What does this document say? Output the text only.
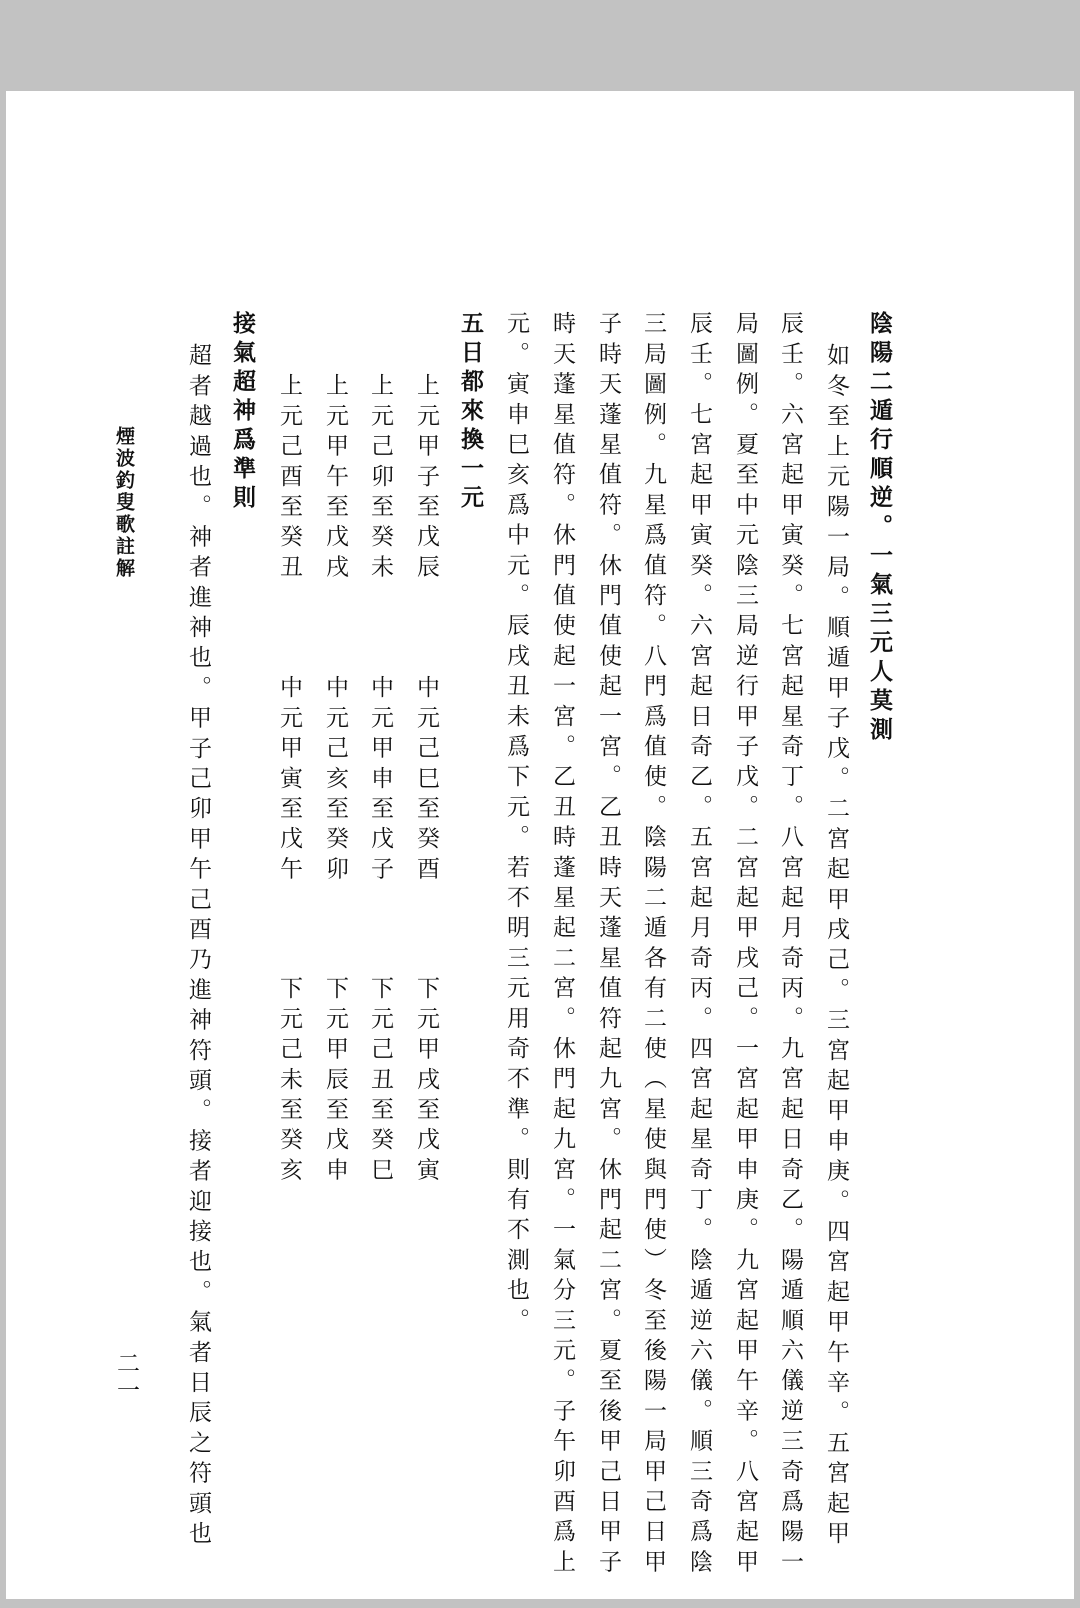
陰陽二遁行順逆。一氣三元人莫測
如冬至上元陽一局。順遁甲子戊。二宮起甲戌己。三宮起甲申庚。四宮起甲午辛。五宮起甲
辰壬。六宮起甲寅癸。七宮起星奇丁。八宮起月奇丙。九宮起日奇乙。陽遁順六儀逆三奇爲陽一
局圖例。夏至中元陰三局逆行甲子戊。二宮起甲戌己。一宮起甲申庚。九宮起甲午辛。八宮起甲
辰壬。七宮起甲寅癸。六宮起日奇乙。五宮起月奇丙。四宮起星奇丁。陰遁逆六儀。順三奇爲陰
三局圖例。九星爲值符。八門爲值使。陰陽二遁各有二使︵星使與門使︶冬至後陽一局甲己日甲
子時天蓬星值符。休門值使起一宮。乙丑時天蓬星值符起九宮。休門起二宮。夏至後甲己日甲子
時天蓬星值符。休門值使起一宮。乙丑時蓬星起二宮。休門起九宮。一氣分三元。子午卯酉爲上
元。寅申巳亥爲中元。辰戌丑未爲下元。若不明三元用奇不準。則有不測也。
五日都來換一元
上元甲子至戊辰
中元己巳至癸酉
下元甲戌至戊寅
上元己卯至癸未
中元甲申至戊子
下元己丑至癸巳
上元甲午至戊戌
中元己亥至癸卯
下元甲辰至戊申
上元己酉至癸丑
中元甲寅至戊午
下元己未至癸亥
接氣超神爲準則
超者越過也。神者進神也。甲子己卯甲午己酉乃進神符頭。接者迎接也。氣者日辰之符頭也
煙波釣叟歌註解
二一
